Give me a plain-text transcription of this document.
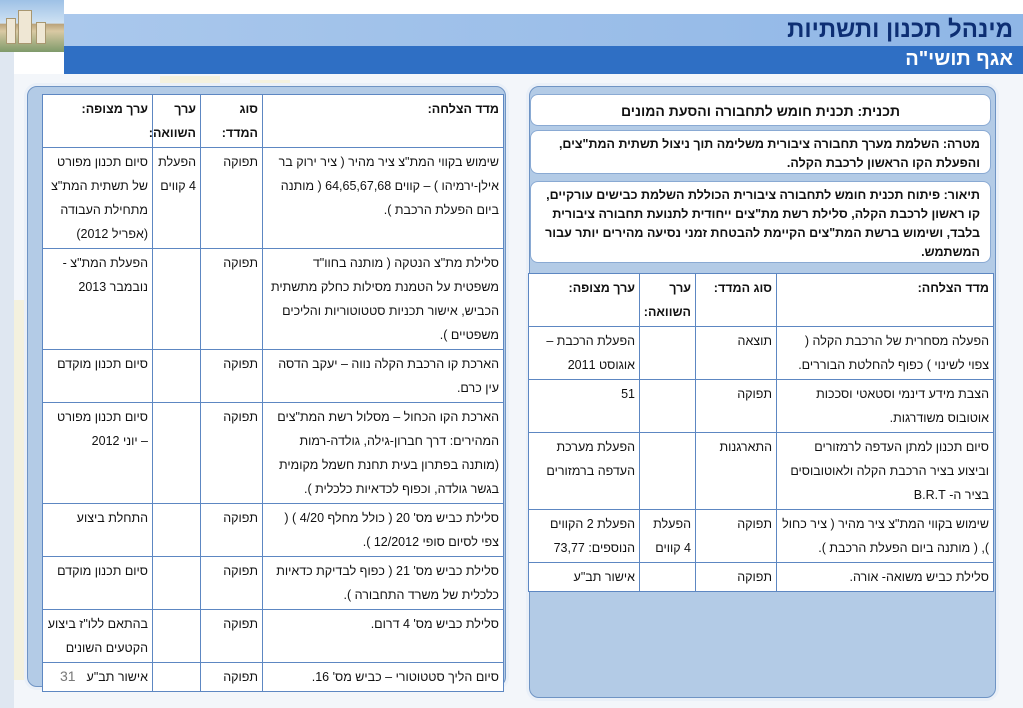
מינהל תכנון ותשתיות
אגף תושי"ה
תכנית: תכנית חומש לתחבורה והסעת המונים
מטרה: השלמת מערך תחבורה ציבורית משלימה תוך ניצול תשתית המת"צים, והפעלת הקו הראשון לרכבת הקלה.
תיאור: פיתוח תכנית חומש לתחבורה ציבורית הכוללת השלמת כבישים עורקיים, קו ראשון לרכבת הקלה, סלילת רשת מת"צים ייחודית לתנועת תחבורה ציבורית בלבד, ושימוש ברשת המת"צים הקיימת להבטחת זמני נסיעה מהירים יותר עבור המשתמש.
מדד הצלחה:	סוג המדד:	ערך השוואה:	ערך מצופה:
הפעלה מסחרית של הרכבת הקלה ( צפוי לשינוי ) כפוף להחלטת הבוררים.	תוצאה		הפעלת הרכבת – אוגוסט 2011
הצבת מידע דינמי וסטאטי וסככות אוטובוס משודרגות.	תפוקה		51
סיום תכנון למתן העדפה לרמזורים וביצוע בציר הרכבת הקלה ולאוטובוסים בציר ה- B.R.T	התארגנות		הפעלת מערכת העדפה ברמזורים
שימוש בקווי המת"צ ציר מהיר ( ציר כחול ), ( מותנה ביום הפעלת הרכבת ).	תפוקה	הפעלת 4 קווים	הפעלת 2 הקווים הנוספים: 73,77
סלילת כביש משואה- אורה.	תפוקה		אישור תב"ע
מדד הצלחה:	סוג המדד:	ערך השוואה:	ערך מצופה:
שימוש בקווי המת"צ ציר מהיר ( ציר ירוק בר אילן-ירמיהו ) – קווים 64,65,67,68 ( מותנה ביום הפעלת הרכבת ).	תפוקה	הפעלת 4 קווים	סיום תכנון מפורט של תשתית המת"צ מתחילת העבודה (אפריל 2012)
סלילת מת"צ הנטקה ( מותנה בחוו"ד משפטית על הטמנת מסילות כחלק מתשתית הכביש, אישור תכניות סטטוטוריות והליכים משפטיים ).	תפוקה		הפעלת המת"צ - נובמבר 2013
הארכת קו הרכבת הקלה נווה – יעקב הדסה עין כרם.	תפוקה		סיום תכנון מוקדם
הארכת הקו הכחול – מסלול רשת המת"צים המהירים: דרך חברון-גילה, גולדה-רמות (מותנה בפתרון בעית תחנת חשמל מקומית בגשר גולדה, וכפוף לכדאיות כלכלית ).	תפוקה		סיום תכנון מפורט – יוני 2012
סלילת כביש מס' 20 ( כולל מחלף 4/20 ) ( צפי לסיום סופי 12/2012 ).	תפוקה		התחלת ביצוע
סלילת כביש מס' 21 ( כפוף לבדיקת כדאיות כלכלית של משרד התחבורה ).	תפוקה		סיום תכנון מוקדם
סלילת כביש מס' 4 דרום.	תפוקה		בהתאם ללו"ז ביצוע הקטעים השונים
סיום הליך סטטוטורי – כביש מס' 16.	תפוקה		אישור תב"ע
31
